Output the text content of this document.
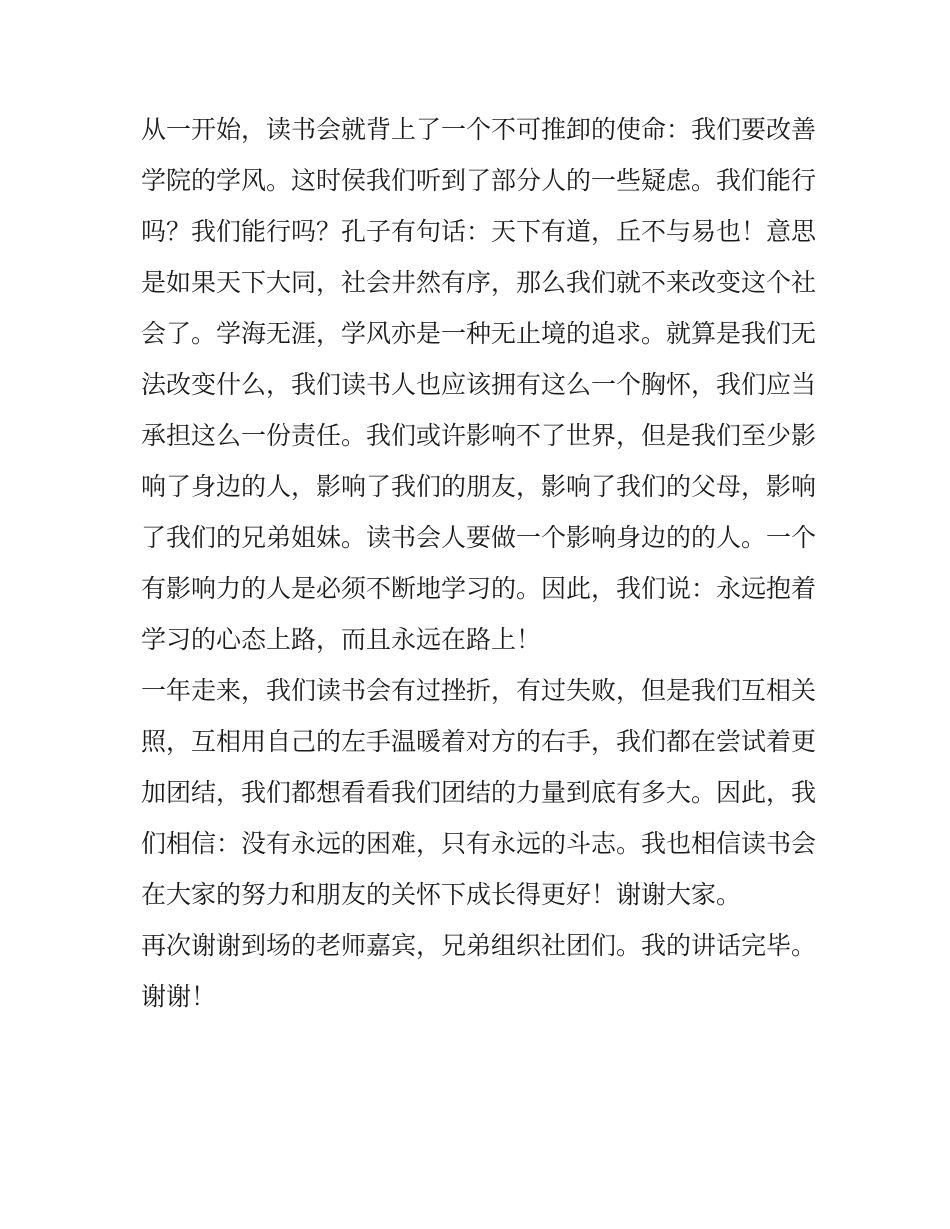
从一开始，读书会就背上了一个不可推卸的使命：我们要改善

学院的学风。这时侯我们听到了部分人的一些疑虑。我们能行

吗？我们能行吗？孔子有句话：天下有道，丘不与易也！意思

是如果天下大同，社会井然有序，那么我们就不来改变这个社

会了。学海无涯，学风亦是一种无止境的追求。就算是我们无

法改变什么，我们读书人也应该拥有这么一个胸怀，我们应当

承担这么一份责任。我们或许影响不了世界，但是我们至少影

响了身边的人，影响了我们的朋友，影响了我们的父母，影响

了我们的兄弟姐妹。读书会人要做一个影响身边的的人。一个

有影响力的人是必须不断地学习的。因此，我们说：永远抱着

学习的心态上路，而且永远在路上！

一年走来，我们读书会有过挫折，有过失败，但是我们互相关

照，互相用自己的左手温暖着对方的右手，我们都在尝试着更

加团结，我们都想看看我们团结的力量到底有多大。因此，我

们相信：没有永远的困难，只有永远的斗志。我也相信读书会

在大家的努力和朋友的关怀下成长得更好！谢谢大家。

再次谢谢到场的老师嘉宾，兄弟组织社团们。我的讲话完毕。

谢谢！
